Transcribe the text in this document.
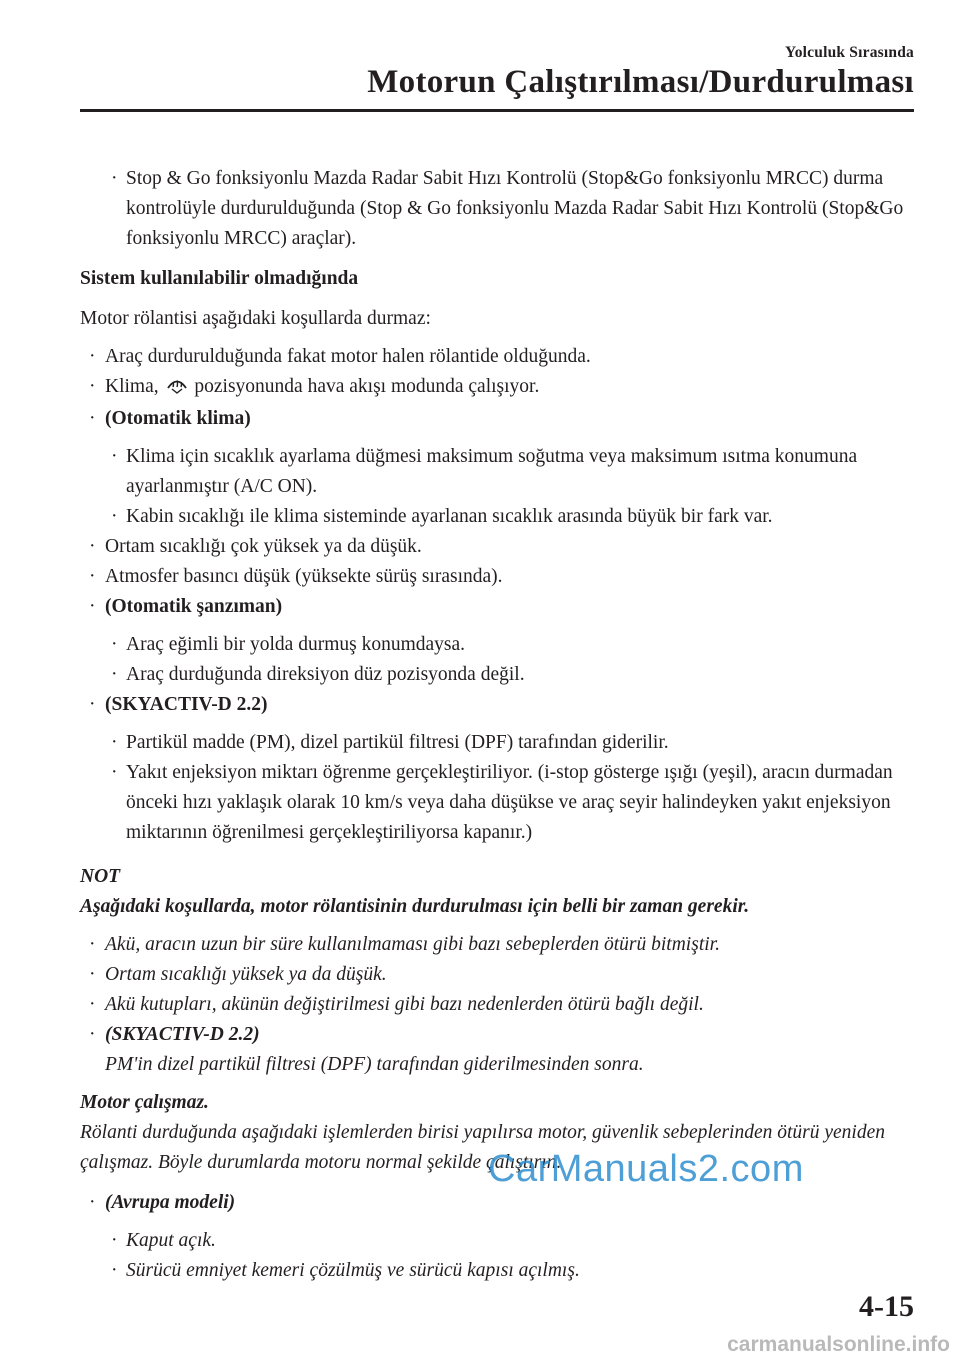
Yolculuk Sırasında
Motorun Çalıştırılması/Durdurulması
· Stop & Go fonksiyonlu Mazda Radar Sabit Hızı Kontrolü (Stop&Go fonksiyonlu MRCC) durma kontrolüyle durdurulduğunda (Stop & Go fonksiyonlu Mazda Radar Sabit Hızı Kontrolü (Stop&Go fonksiyonlu MRCC) araçlar).
Sistem kullanılabilir olmadığında
Motor rölantisi aşağıdaki koşullarda durmaz:
· Araç durdurulduğunda fakat motor halen rölantide olduğunda.
· Klima, pozisyonunda hava akışı modunda çalışıyor.
· (Otomatik klima)
· Klima için sıcaklık ayarlama düğmesi maksimum soğutma veya maksimum ısıtma konumuna ayarlanmıştır (A/C ON).
· Kabin sıcaklığı ile klima sisteminde ayarlanan sıcaklık arasında büyük bir fark var.
· Ortam sıcaklığı çok yüksek ya da düşük.
· Atmosfer basıncı düşük (yüksekte sürüş sırasında).
· (Otomatik şanzıman)
· Araç eğimli bir yolda durmuş konumdaysa.
· Araç durduğunda direksiyon düz pozisyonda değil.
· (SKYACTIV-D 2.2)
· Partikül madde (PM), dizel partikül filtresi (DPF) tarafından giderilir.
· Yakıt enjeksiyon miktarı öğrenme gerçekleştiriliyor. (i-stop gösterge ışığı (yeşil), aracın durmadan önceki hızı yaklaşık olarak 10 km/s veya daha düşükse ve araç seyir halindeyken yakıt enjeksiyon miktarının öğrenilmesi gerçekleştiriliyorsa kapanır.)
NOT
Aşağıdaki koşullarda, motor rölantisinin durdurulması için belli bir zaman gerekir.
· Akü, aracın uzun bir süre kullanılmaması gibi bazı sebeplerden ötürü bitmiştir.
· Ortam sıcaklığı yüksek ya da düşük.
· Akü kutupları, akünün değiştirilmesi gibi bazı nedenlerden ötürü bağlı değil.
· (SKYACTIV-D 2.2)
PM'in dizel partikül filtresi (DPF) tarafından giderilmesinden sonra.
Motor çalışmaz.
Rölanti durduğunda aşağıdaki işlemlerden birisi yapılırsa motor, güvenlik sebeplerinden ötürü yeniden çalışmaz. Böyle durumlarda motoru normal şekilde çalıştırın.
· (Avrupa modeli)
· Kaput açık.
· Sürücü emniyet kemeri çözülmüş ve sürücü kapısı açılmış.
CarManuals2.com
4-15
carmanualsonline.info
